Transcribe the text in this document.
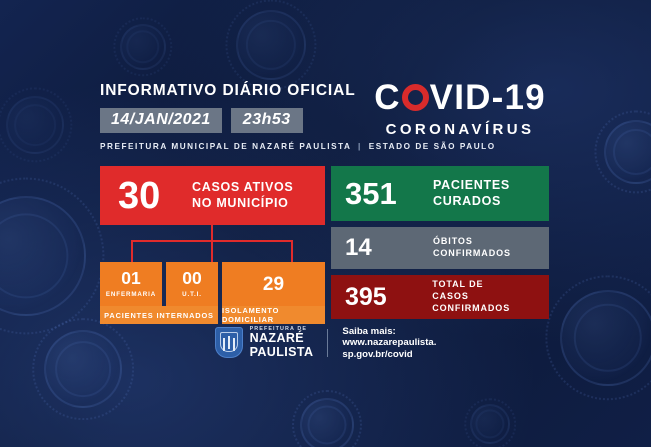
INFORMATIVO DIÁRIO OFICIAL
14/JAN/2021	23h53
PREFEITURA MUNICIPAL DE NAZARÉ PAULISTA | ESTADO DE SÃO PAULO
C VID-19
CORONAVÍRUS
30	CASOS ATIVOS
NO MUNICÍPIO
01
ENFERMARIA
00
U.T.I.	29
PACIENTES INTERNADOS	ISOLAMENTO DOMICILIAR
351	PACIENTES
CURADOS
14	ÓBITOS
CONFIRMADOS
395	TOTAL DE
CASOS CONFIRMADOS
PREFEITURA DE
NAZARÉ
PAULISTA
Saiba mais:
www.nazarepaulista.
sp.gov.br/covid
